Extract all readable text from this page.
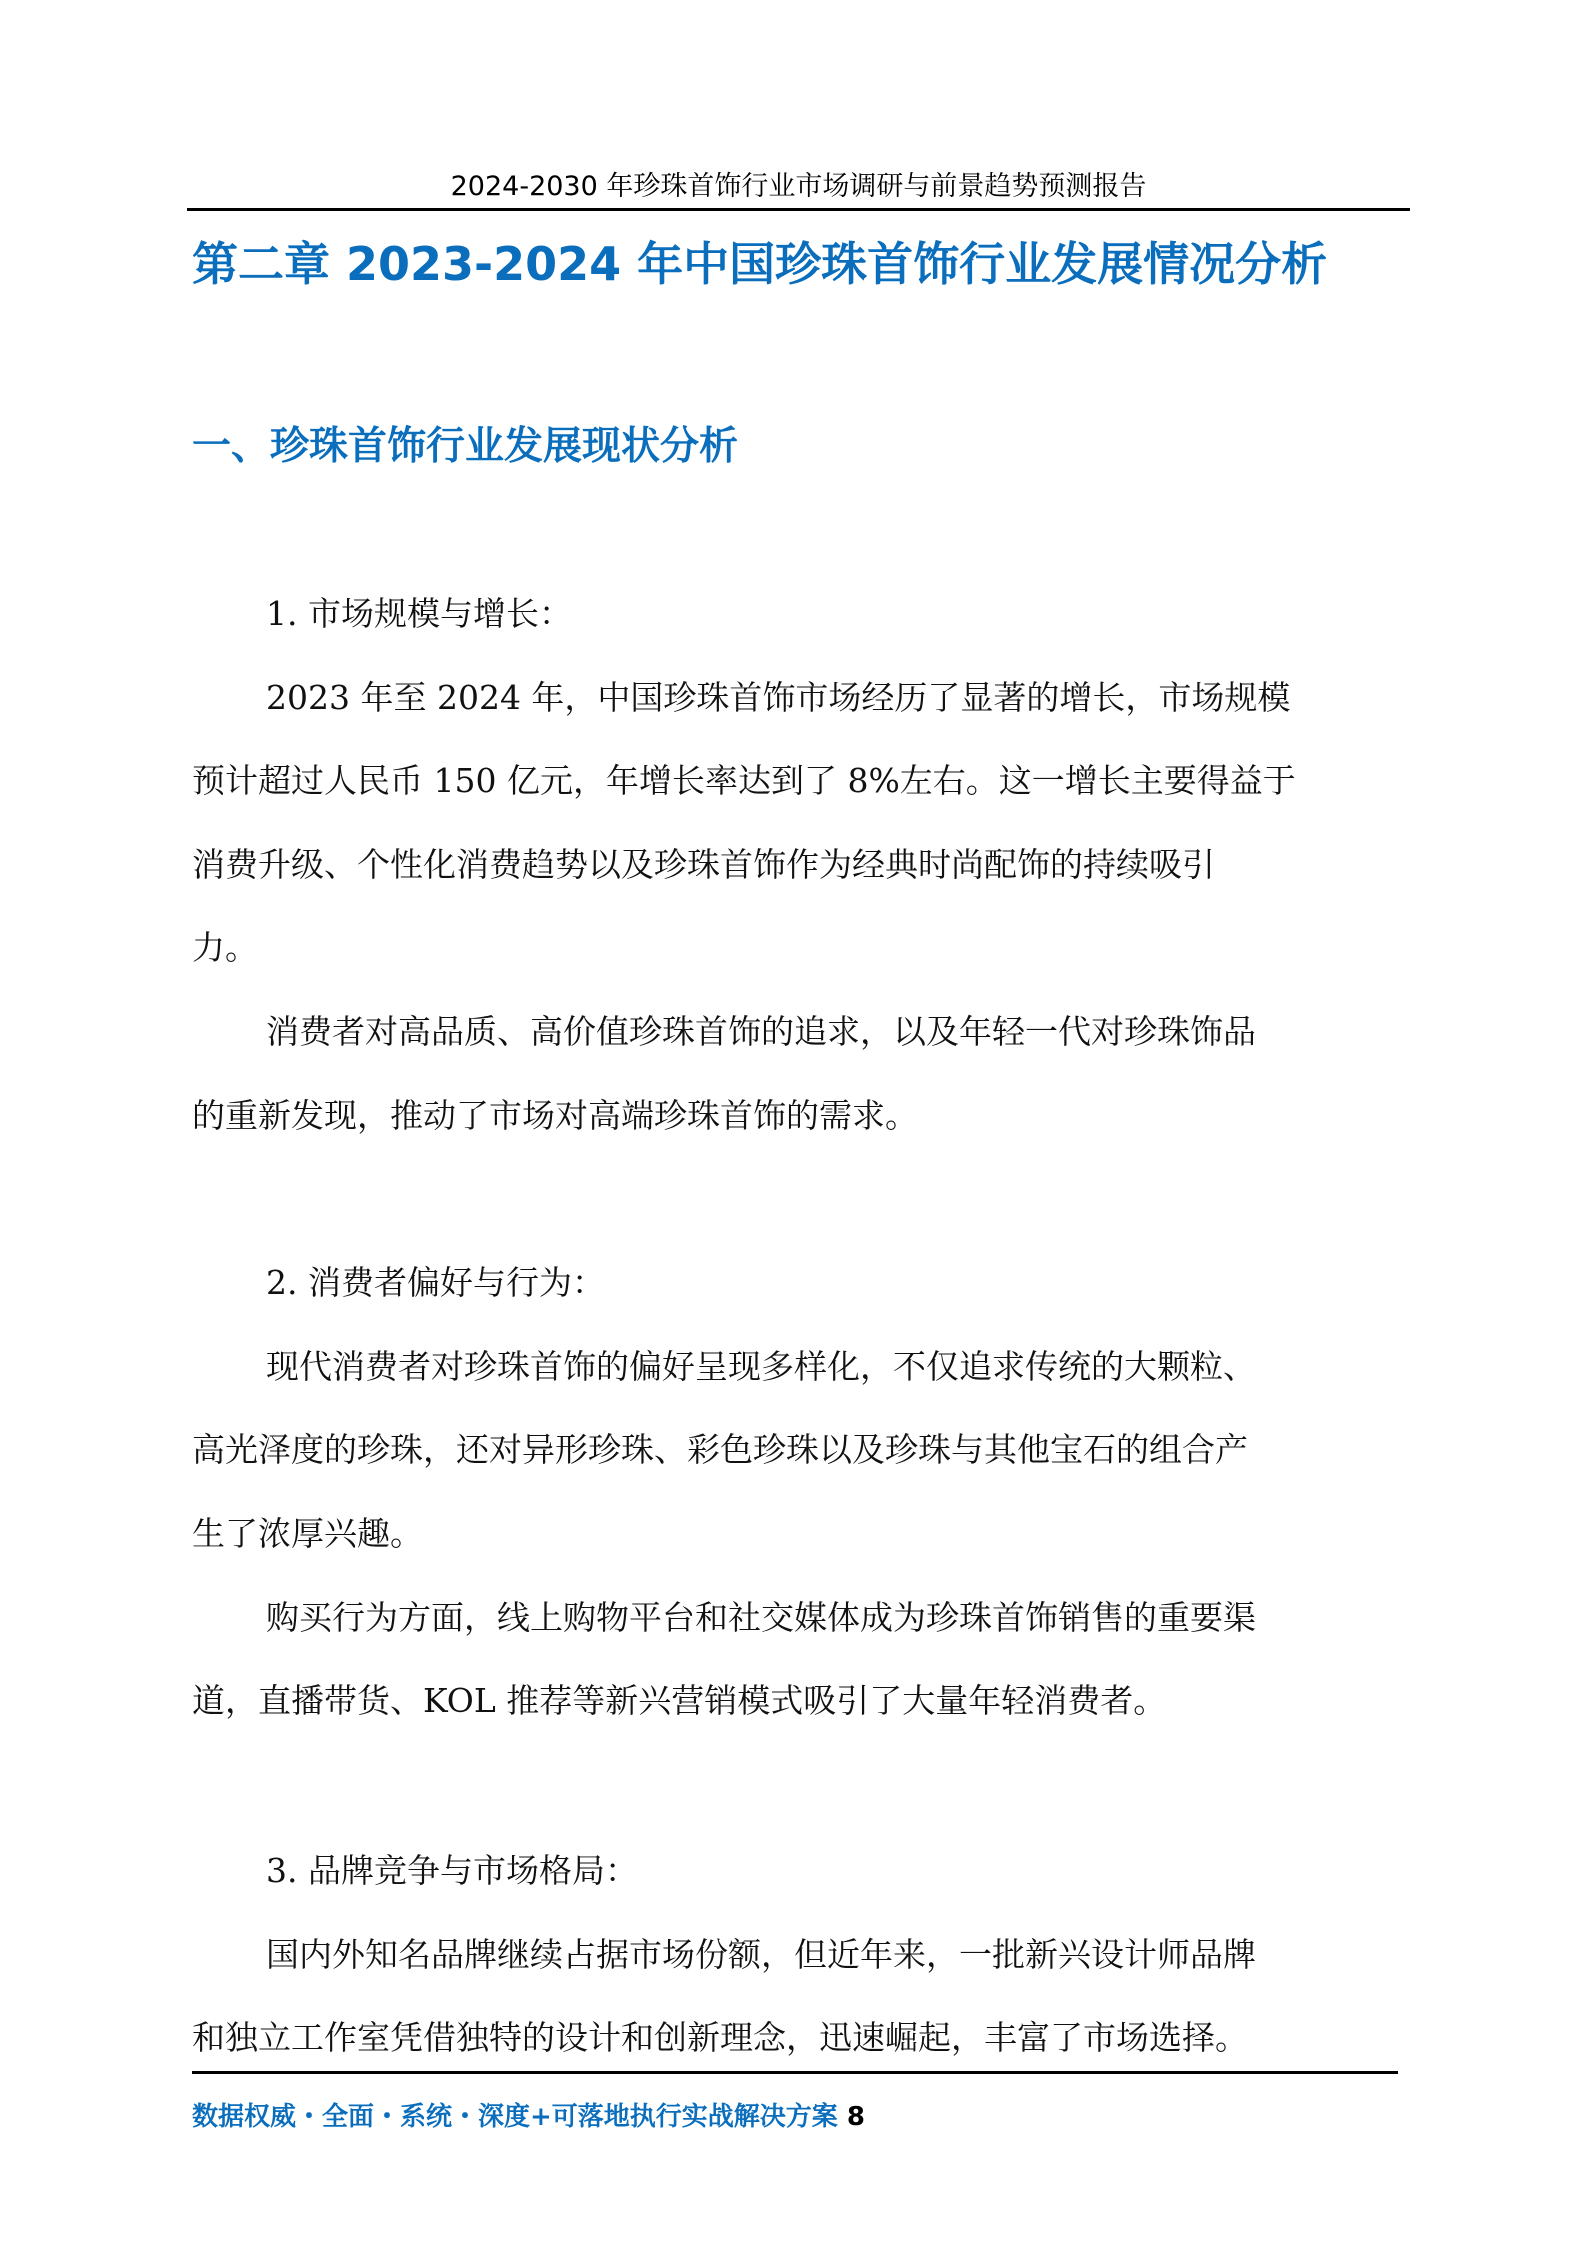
2024-2030 年珍珠首饰行业市场调研与前景趋势预测报告
第二章 2023-2024 年中国珍珠首饰行业发展情况分析
一、珍珠首饰行业发展现状分析
1. 市场规模与增长：
2023 年至 2024 年，中国珍珠首饰市场经历了显著的增长，市场规模
预计超过人民币 150 亿元，年增长率达到了 8%左右。这一增长主要得益于
消费升级、个性化消费趋势以及珍珠首饰作为经典时尚配饰的持续吸引
力。
消费者对高品质、高价值珍珠首饰的追求，以及年轻一代对珍珠饰品
的重新发现，推动了市场对高端珍珠首饰的需求。
2. 消费者偏好与行为：
现代消费者对珍珠首饰的偏好呈现多样化，不仅追求传统的大颗粒、
高光泽度的珍珠，还对异形珍珠、彩色珍珠以及珍珠与其他宝石的组合产
生了浓厚兴趣。
购买行为方面，线上购物平台和社交媒体成为珍珠首饰销售的重要渠
道，直播带货、KOL 推荐等新兴营销模式吸引了大量年轻消费者。
3. 品牌竞争与市场格局：
国内外知名品牌继续占据市场份额，但近年来，一批新兴设计师品牌
和独立工作室凭借独特的设计和创新理念，迅速崛起，丰富了市场选择。
数据权威・全面・系统・深度+可落地执行实战解决方案 8
